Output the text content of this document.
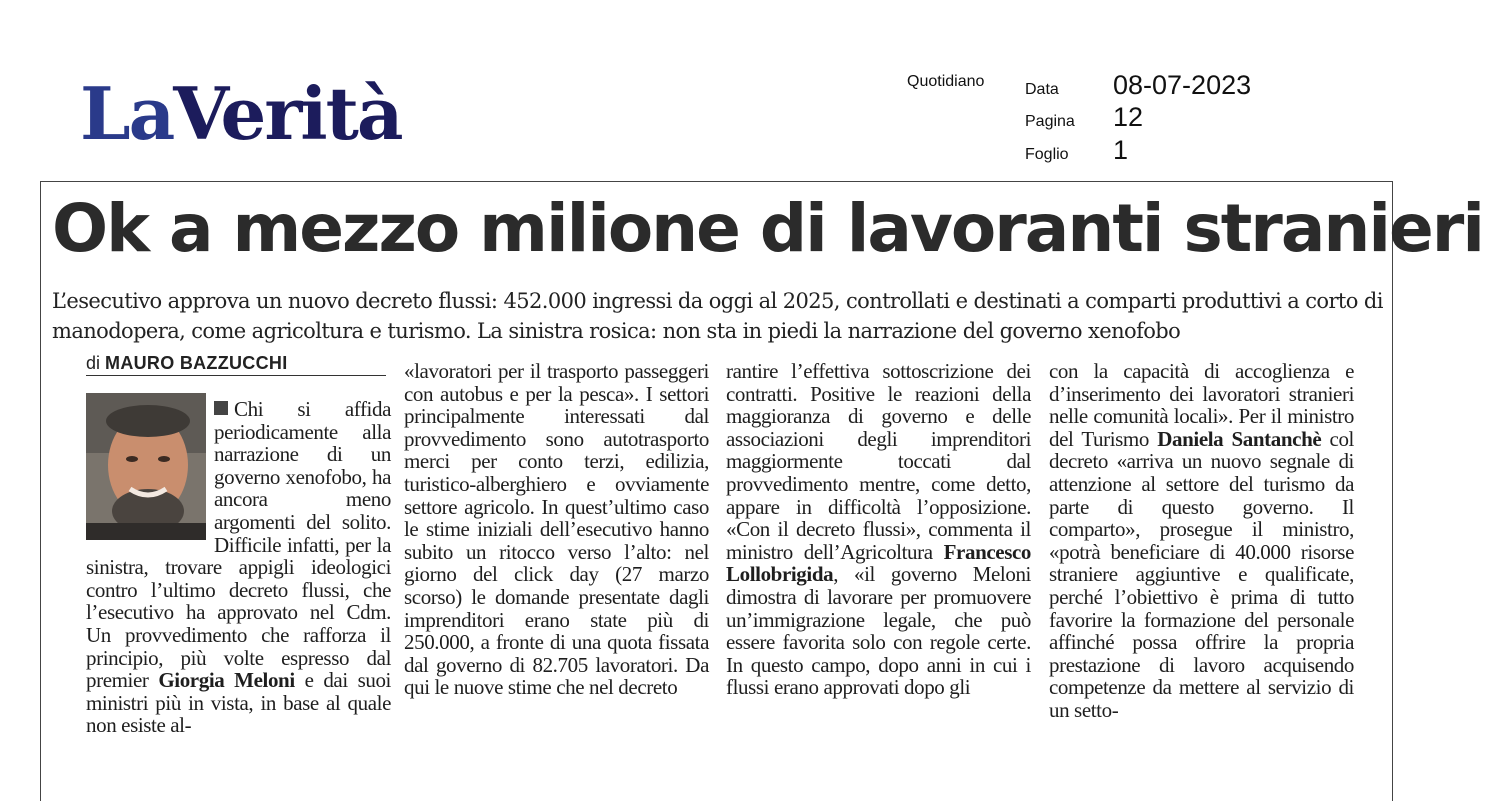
LaVerità	Quotidiano	Data 08-07-2023
Pagina 12
Foglio 1
Ok a mezzo milione di lavoranti stranieri
L’esecutivo approva un nuovo decreto flussi: 452.000 ingressi da oggi al 2025, controllati e destinati a comparti produttivi a corto di manodopera, come agricoltura e turismo. La sinistra rosica: non sta in piedi la narrazione del governo xenofobo
di MAURO BAZZUCCHI

Chi si affida periodicamente alla narrazione di un governo xenofobo, ha ancora meno argomenti del solito. Difficile infatti, per la sinistra, trovare appigli ideologici contro l’ultimo decreto flussi, che l’esecutivo ha approvato nel Cdm. Un provvedimento che rafforza il principio, più volte espresso dal premier Giorgia Meloni e dai suoi ministri più in vista, in base al quale non esiste al-

«lavoratori per il trasporto passeggeri con autobus e per la pesca». I settori principalmente interessati dal provvedimento sono autotrasporto merci per conto terzi, edilizia, turistico-alberghiero e ovviamente settore agricolo. In quest’ultimo caso le stime iniziali dell’esecutivo hanno subito un ritocco verso l’alto: nel giorno del click day (27 marzo scorso) le domande presentate dagli imprenditori erano state più di 250.000, a fronte di una quota fissata dal governo di 82.705 lavoratori. Da qui le nuove stime che nel decreto

rantire l’effettiva sottoscrizione dei contratti. Positive le reazioni della maggioranza di governo e delle associazioni degli imprenditori maggiormente toccati dal provvedimento mentre, come detto, appare in difficoltà l’opposizione. «Con il decreto flussi», commenta il ministro dell’Agricoltura Francesco Lollobrigida, «il governo Meloni dimostra di lavorare per promuovere un’immigrazione legale, che può essere favorita solo con regole certe. In questo campo, dopo anni in cui i flussi erano approvati dopo gli

con la capacità di accoglienza e d’inserimento dei lavoratori stranieri nelle comunità locali». Per il ministro del Turismo Daniela Santanchè col decreto «arriva un nuovo segnale di attenzione al settore del turismo da parte di questo governo. Il comparto», prosegue il ministro, «potrà beneficiare di 40.000 risorse straniere aggiuntive e qualificate, perché l’obiettivo è prima di tutto favorire la formazione del personale affinché possa offrire la propria prestazione di lavoro acquisendo competenze da mettere al servizio di un setto-
